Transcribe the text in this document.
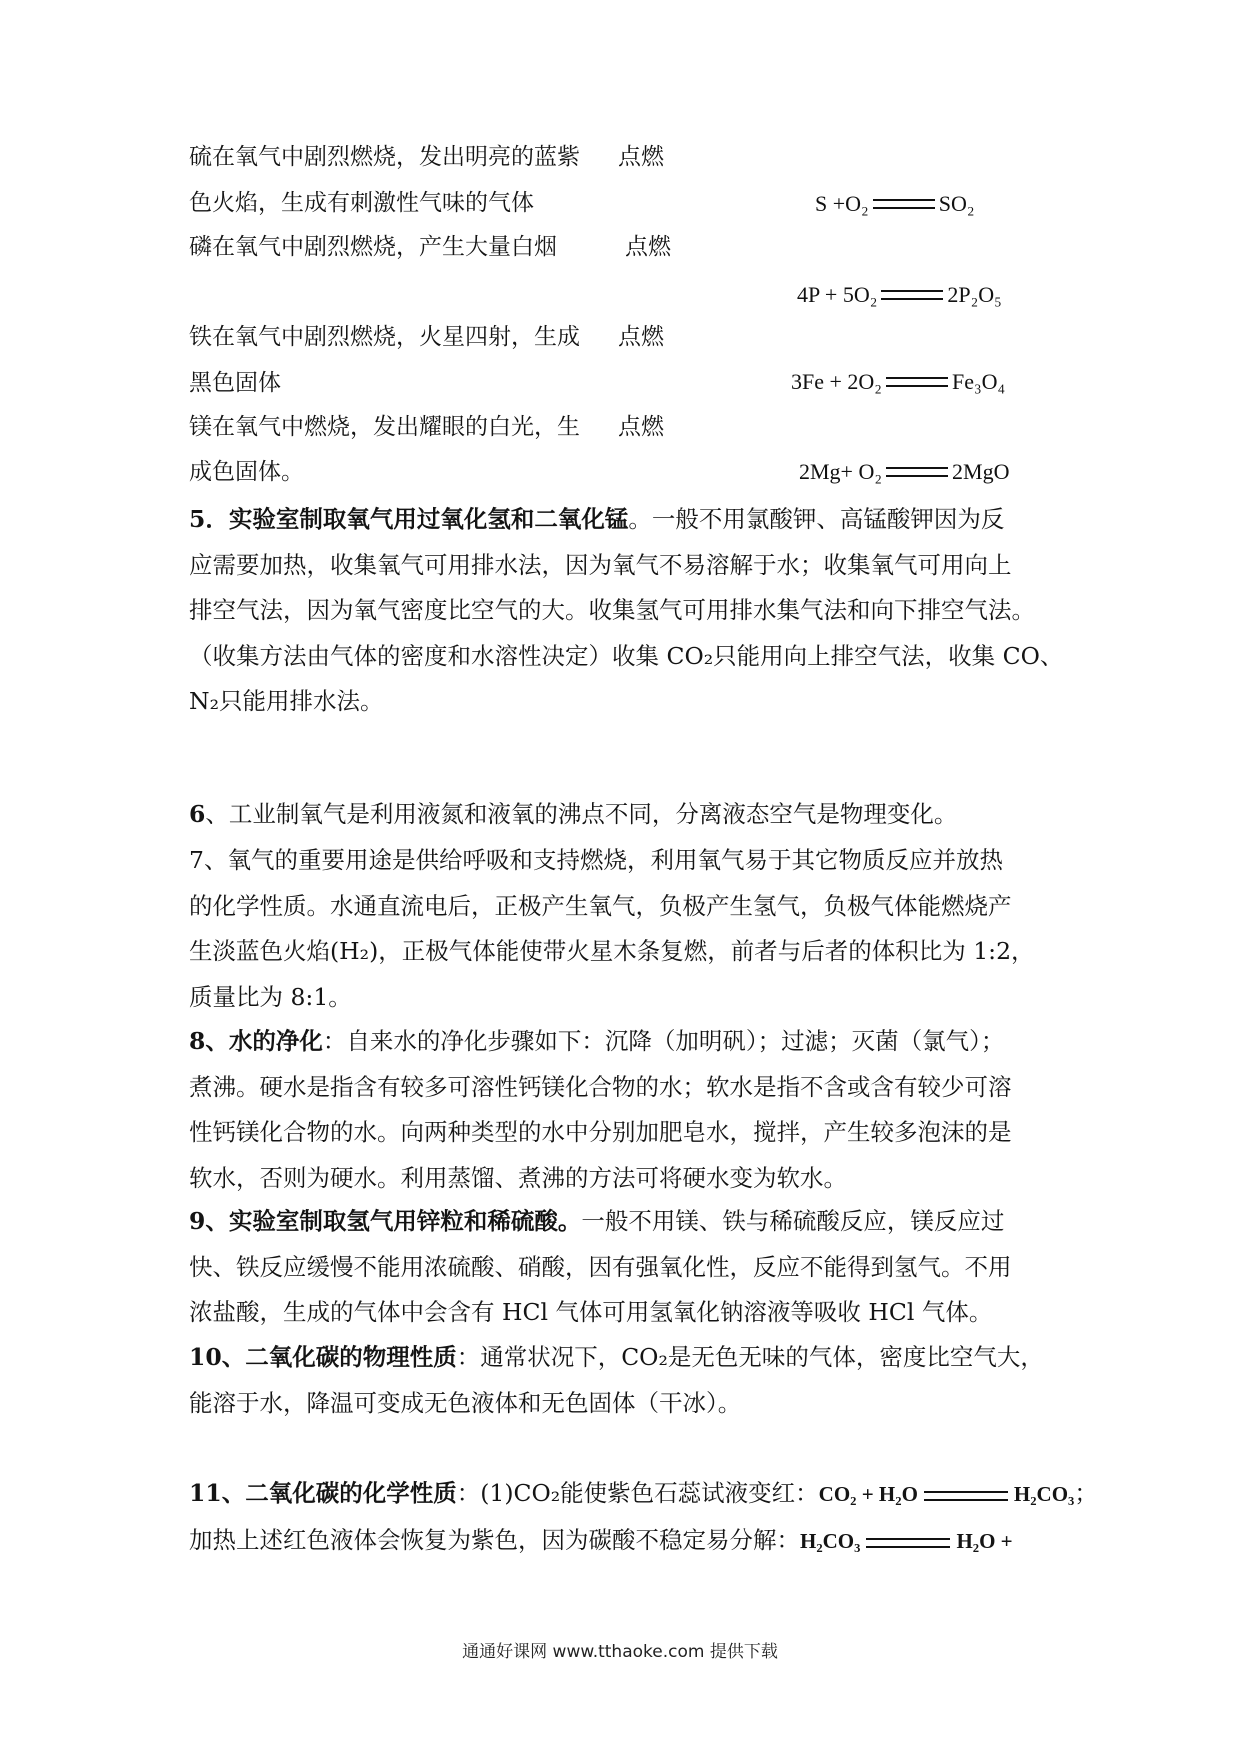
硫在氧气中剧烈燃烧，发出明亮的蓝紫 点燃
色火焰，生成有刺激性气味的气体	S +O₂	SO₂
磷在氧气中剧烈燃烧，产生大量白烟	点燃
4P + 5O₂	2P₂O₅
铁在氧气中剧烈燃烧，火星四射，生成 点燃
黑色固体	3Fe + 2O₂	Fe₃O₄
镁在氧气中燃烧，发出耀眼的白光，生 点燃
成色固体。	2Mg+ O₂	2MgO
5．实验室制取氧气用过氧化氢和二氧化锰。一般不用氯酸钾、高锰酸钾因为反
应需要加热，收集氧气可用排水法，因为氧气不易溶解于水；收集氧气可用向上
排空气法，因为氧气密度比空气的大。收集氢气可用排水集气法和向下排空气法。
（收集方法由气体的密度和水溶性决定）收集 CO₂只能用向上排空气法，收集 CO、
N₂只能用排水法。
6、工业制氧气是利用液氮和液氧的沸点不同，分离液态空气是物理变化。
7、氧气的重要用途是供给呼吸和支持燃烧，利用氧气易于其它物质反应并放热
的化学性质。水通直流电后，正极产生氧气，负极产生氢气，负极气体能燃烧产
生淡蓝色火焰(H₂)，正极气体能使带火星木条复燃，前者与后者的体积比为 1:2，
质量比为 8:1。
8、水的净化：自来水的净化步骤如下：沉降（加明矾）；过滤；灭菌（氯气）；
煮沸。硬水是指含有较多可溶性钙镁化合物的水；软水是指不含或含有较少可溶
性钙镁化合物的水。向两种类型的水中分别加肥皂水，搅拌，产生较多泡沫的是
软水，否则为硬水。利用蒸馏、煮沸的方法可将硬水变为软水。
9、实验室制取氢气用锌粒和稀硫酸。一般不用镁、铁与稀硫酸反应，镁反应过
快、铁反应缓慢不能用浓硫酸、硝酸，因有强氧化性，反应不能得到氢气。不用
浓盐酸，生成的气体中会含有 HCl 气体可用氢氧化钠溶液等吸收 HCl 气体。
10、二氧化碳的物理性质：通常状况下，CO₂是无色无味的气体，密度比空气大，
能溶于水，降温可变成无色液体和无色固体（干冰）。
11、二氧化碳的化学性质：(1)CO₂能使紫色石蕊试液变红：CO₂ + H₂O	H₂CO₃；
加热上述红色液体会恢复为紫色，因为碳酸不稳定易分解：H₂CO₃	H₂O +
通通好课网 www.tthaoke.com 提供下载
